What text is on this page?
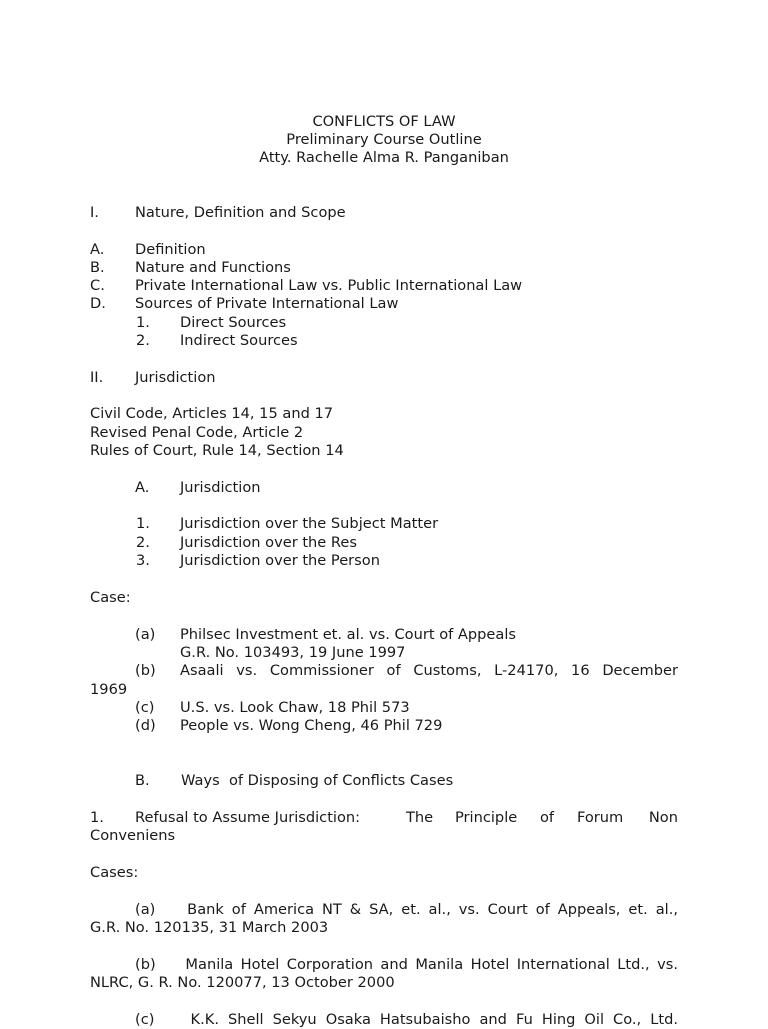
CONFLICTS OF LAW
Preliminary Course Outline
Atty. Rachelle Alma R. Panganiban
I. Nature, Definition and Scope
A. Definition
B. Nature and Functions
C. Private International Law vs. Public International Law
D. Sources of Private International Law
1. Direct Sources
2. Indirect Sources
II. Jurisdiction
Civil Code, Articles 14, 15 and 17
Revised Penal Code, Article 2
Rules of Court, Rule 14, Section 14
A. Jurisdiction
1. Jurisdiction over the Subject Matter
2. Jurisdiction over the Res
3. Jurisdiction over the Person
Case:
(a) Philsec Investment et. al. vs. Court of Appeals
G.R. No. 103493, 19 June 1997
(b) Asaali vs. Commissioner of Customs, L-24170, 16 December
1969
(c) U.S. vs. Look Chaw, 18 Phil 573
(d) People vs. Wong Cheng, 46 Phil 729
B. Ways  of Disposing of Conflicts Cases
1. Refusal to Assume Jurisdiction:	The Principle of Forum Non
Conveniens
Cases:
(a)    Bank of America NT & SA, et. al., vs. Court of Appeals, et. al.,
G.R. No. 120135, 31 March 2003
(b)    Manila Hotel Corporation and Manila Hotel International Ltd., vs.
NLRC, G. R. No. 120077, 13 October 2000
(c)    K.K. Shell Sekyu Osaka Hatsubaisho and Fu Hing Oil Co., Ltd.
